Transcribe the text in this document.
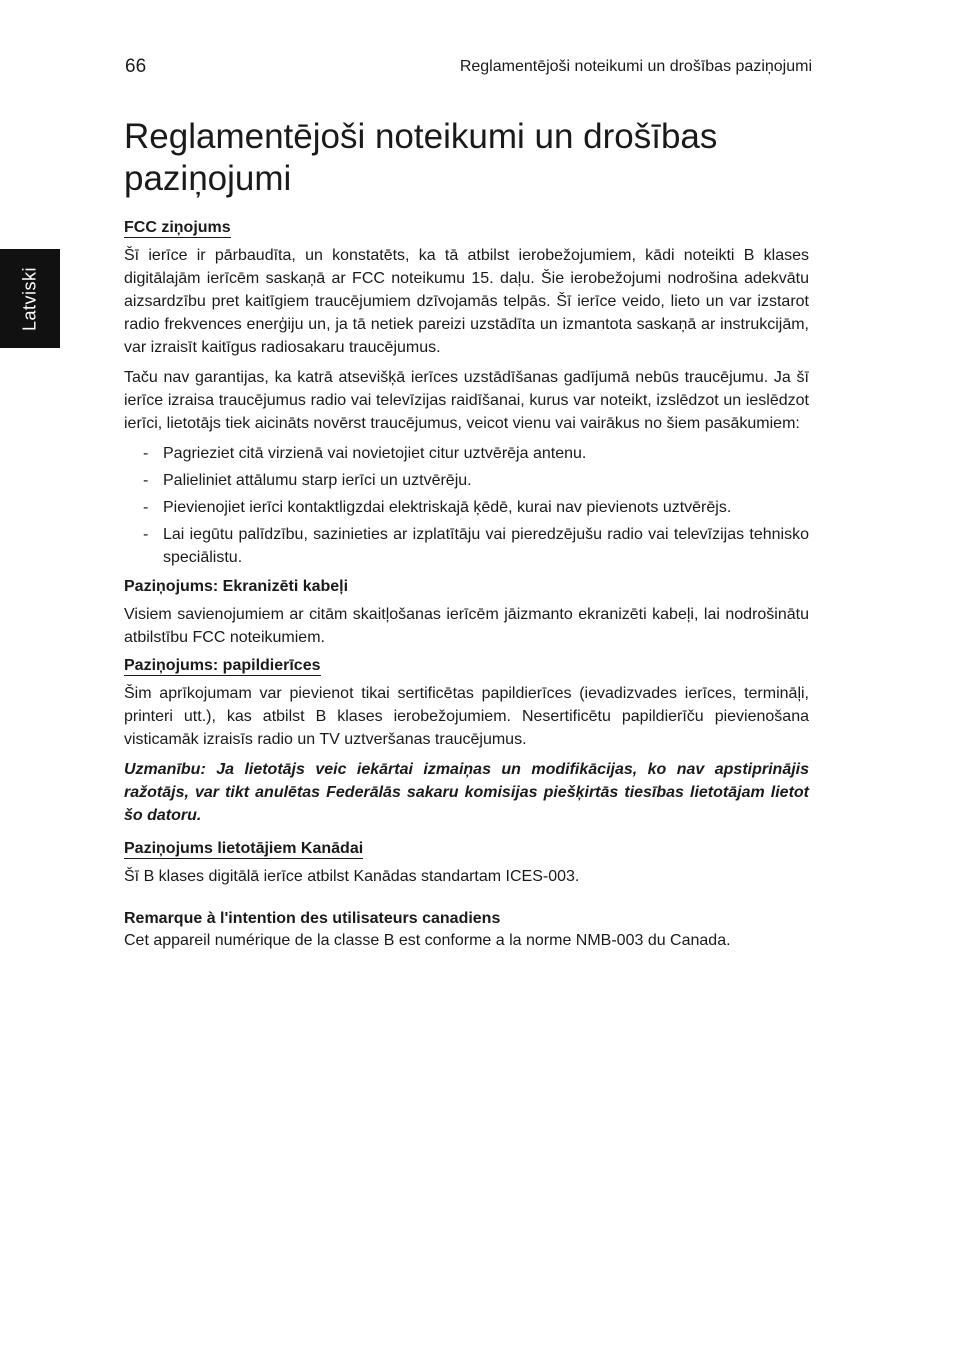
66	Reglamentējoši noteikumi un drošības paziņojumi
Latviski
Reglamentējoši noteikumi un drošības paziņojumi
FCC ziņojums

Šī ierīce ir pārbaudīta, un konstatēts, ka tā atbilst ierobežojumiem, kādi noteikti B klases digitālajām ierīcēm saskaņā ar FCC noteikumu 15. daļu. Šie ierobežojumi nodrošina adekvātu aizsardzību pret kaitīgiem traucējumiem dzīvojamās telpās. Šī ierīce veido, lieto un var izstarot radio frekvences enerģiju un, ja tā netiek pareizi uzstādīta un izmantota saskaņā ar instrukcijām, var izraisīt kaitīgus radiosakaru traucējumus.

Taču nav garantijas, ka katrā atsevišķā ierīces uzstādīšanas gadījumā nebūs traucējumu. Ja šī ierīce izraisa traucējumus radio vai televīzijas raidīšanai, kurus var noteikt, izslēdzot un ieslēdzot ierīci, lietotājs tiek aicināts novērst traucējumus, veicot vienu vai vairākus no šiem pasākumiem:

- Pagrieziet citā virzienā vai novietojiet citur uztvērēja antenu.
- Palieliniet attālumu starp ierīci un uztvērēju.
- Pievienojiet ierīci kontaktligzdai elektriskajā ķēdē, kurai nav pievienots uztvērējs.
- Lai iegūtu palīdzību, sazinieties ar izplatītāju vai pieredzējušu radio vai televīzijas tehnisko speciālistu.
Paziņojums: Ekranizēti kabeļi

Visiem savienojumiem ar citām skaitļošanas ierīcēm jāizmanto ekranizēti kabeļi, lai nodrošinātu atbilstību FCC noteikumiem.

Paziņojums: papildierīces

Šim aprīkojumam var pievienot tikai sertificētas papildierīces (ievadizvades ierīces, termināļi, printeri utt.), kas atbilst B klases ierobežojumiem. Nesertificētu papildierīču pievienošana visticamāk izraisīs radio un TV uztveršanas traucējumus.

Uzmanību: Ja lietotājs veic iekārtai izmaiņas un modifikācijas, ko nav apstiprinājis ražotājs, var tikt anulētas Federālās sakaru komisijas piešķirtās tiesības lietotājam lietot šo datoru.

Paziņojums lietotājiem Kanādai

Šī B klases digitālā ierīce atbilst Kanādas standartam ICES-003.

Remarque à l'intention des utilisateurs canadiens

Cet appareil numérique de la classe B est conforme a la norme NMB-003 du Canada.
